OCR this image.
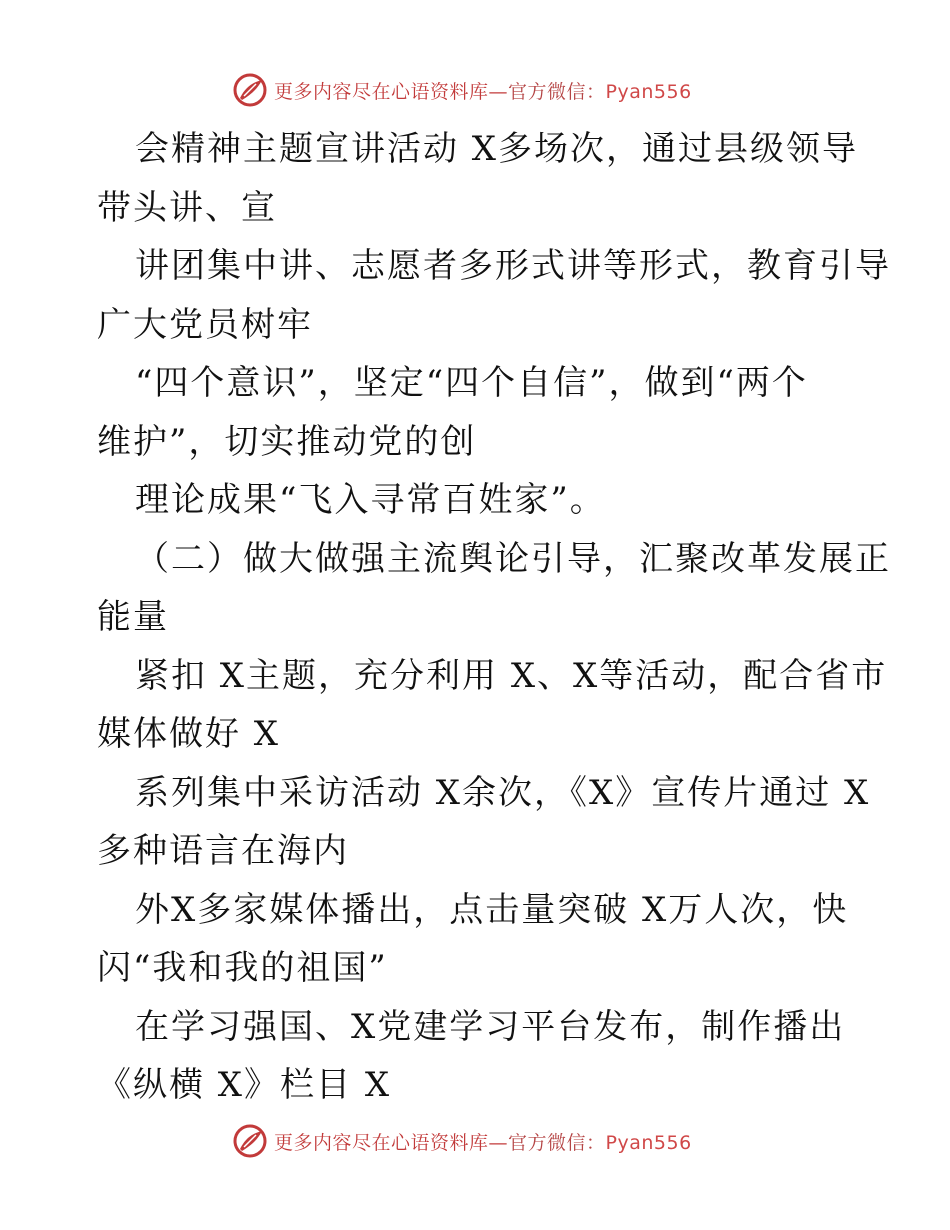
更多内容尽在心语资料库—官方微信：Pyan556
会精神主题宣讲活动 X多场次，通过县级领导
带头讲、宣
讲团集中讲、志愿者多形式讲等形式，教育引导
广大党员树牢
“四个意识”，坚定“四个自信”，做到“两个
维护”，切实推动党的创
理论成果“飞入寻常百姓家”。
（二）做大做强主流舆论引导，汇聚改革发展正
能量
紧扣 X主题，充分利用 X、X等活动，配合省市
媒体做好 X
系列集中采访活动 X余次，《X》宣传片通过 X
多种语言在海内
外X多家媒体播出，点击量突破 X万人次，快
闪“我和我的祖国”
在学习强国、X党建学习平台发布，制作播出
《纵横 X》栏目 X
更多内容尽在心语资料库—官方微信：Pyan556
